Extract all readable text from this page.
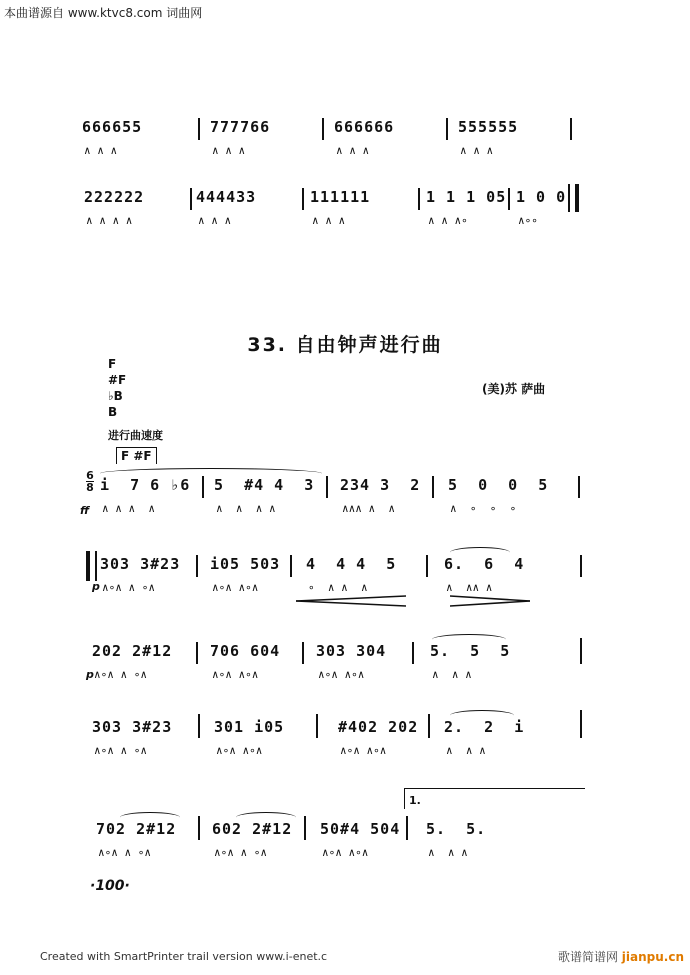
本曲谱源自 www.ktvc8.com 词曲网
666655
∧ ∧ ∧
777766
∧ ∧ ∧
666666
∧ ∧ ∧
555555
∧ ∧ ∧
222222
∧ ∧ ∧ ∧
444433
∧ ∧ ∧
111111
∧ ∧ ∧
1 1 1 05
∧ ∧ ∧∘
1 0 0
∧∘∘
33. 自由钟声进行曲
F
#F
♭B
B
(美)苏 萨曲
进行曲速度
F #F
6
8
ff
i  7 6 ♭6
∧ ∧ ∧  ∧
5  #4 4  3
∧  ∧  ∧ ∧
234 3  2
∧∧∧ ∧  ∧
5  0  0  5
∧  ∘  ∘  ∘
303 3#23
∧∘∧ ∧ ∘∧
i05 503
∧∘∧ ∧∘∧
4  4 4  5
∘  ∧ ∧  ∧
6.  6  4
∧  ∧∧ ∧
p
202 2#12
∧∘∧ ∧ ∘∧
706 604
∧∘∧ ∧∘∧
303 304
∧∘∧ ∧∘∧
5.  5  5
∧  ∧ ∧
p
303 3#23
∧∘∧ ∧ ∘∧
301 i05
∧∘∧ ∧∘∧
#402 202
∧∘∧ ∧∘∧
2.  2  i
∧  ∧ ∧
1.
702 2#12
∧∘∧ ∧ ∘∧
602 2#12
∧∘∧ ∧ ∘∧
50#4 504
∧∘∧ ∧∘∧
5.  5.
∧  ∧ ∧
·100·
Created with SmartPrinter trail version www.i-enet.c	歌谱简谱网 jianpu.cn
